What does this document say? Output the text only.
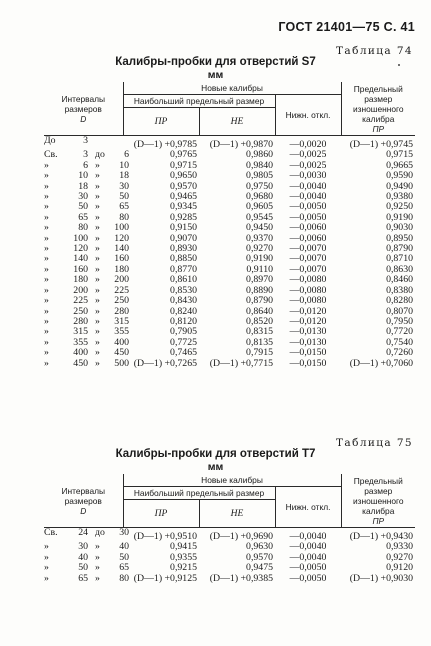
ГОСТ 21401—75 С. 41
Таблица 74
Калибры-пробки для отверстий S7
мм
Интервалы размеров
D	Новые калибры			Предельный размер изношенного калибра
ПР
	Наибольший предельный размер		Нижн. откл.	
	ПР	НЕ		

До 3	(D—1) +0,9785	(D—1) +0,9870	—0,0020	(D—1) +0,9745

Св. 3 до 6	0,9765	0,9860	—0,0025	0,9715

» 6 » 10	0,9715	0,9840	—0,0025	0,9665

» 10 » 18	0,9650	0,9805	—0,0030	0,9590

» 18 » 30	0,9570	0,9750	—0,0040	0,9490

» 30 » 50	0,9465	0,9680	—0,0040	0,9380

» 50 » 65	0,9345	0,9605	—0,0050	0,9250

» 65 » 80	0,9285	0,9545	—0,0050	0,9190

» 80 » 100	0,9150	0,9450	—0,0060	0,9030

» 100 » 120	0,9070	0,9370	—0,0060	0,8950

» 120 » 140	0,8930	0,9270	—0,0070	0,8790

» 140 » 160	0,8850	0,9190	—0,0070	0,8710

» 160 » 180	0,8770	0,9110	—0,0070	0,8630

» 180 » 200	0,8610	0,8970	—0,0080	0,8460

» 200 » 225	0,8530	0,8890	—0,0080	0,8380

» 225 » 250	0,8430	0,8790	—0,0080	0,8280

» 250 » 280	0,8240	0,8640	—0,0120	0,8070

» 280 » 315	0,8120	0,8520	—0,0120	0,7950

» 315 » 355	0,7905	0,8315	—0,0130	0,7720

» 355 » 400	0,7725	0,8135	—0,0130	0,7540

» 400 » 450	0,7465	0,7915	—0,0150	0,7260

» 450 » 500	(D—1) +0,7265	(D—1) +0,7715	—0,0150	(D—1) +0,7060
Таблица 75
Калибры-пробки для отверстий Т7
мм
Интервалы размеров
D	Новые калибры			Предельный размер изношенного калибра
ПР
	Наибольший предельный размер		Нижн. откл.	
	ПР	НЕ		

Св. 24 до 30	(D—1) +0,9510	(D—1) +0,9690	—0,0040	(D—1) +0,9430

» 30 » 40	0,9415	0,9630	—0,0040	0,9330

» 40 » 50	0,9355	0,9570	—0,0040	0,9270

» 50 » 65	0,9215	0,9475	—0,0050	0,9120

» 65 » 80	(D—1) +0,9125	(D—1) +0,9385	—0,0050	(D—1) +0,9030
